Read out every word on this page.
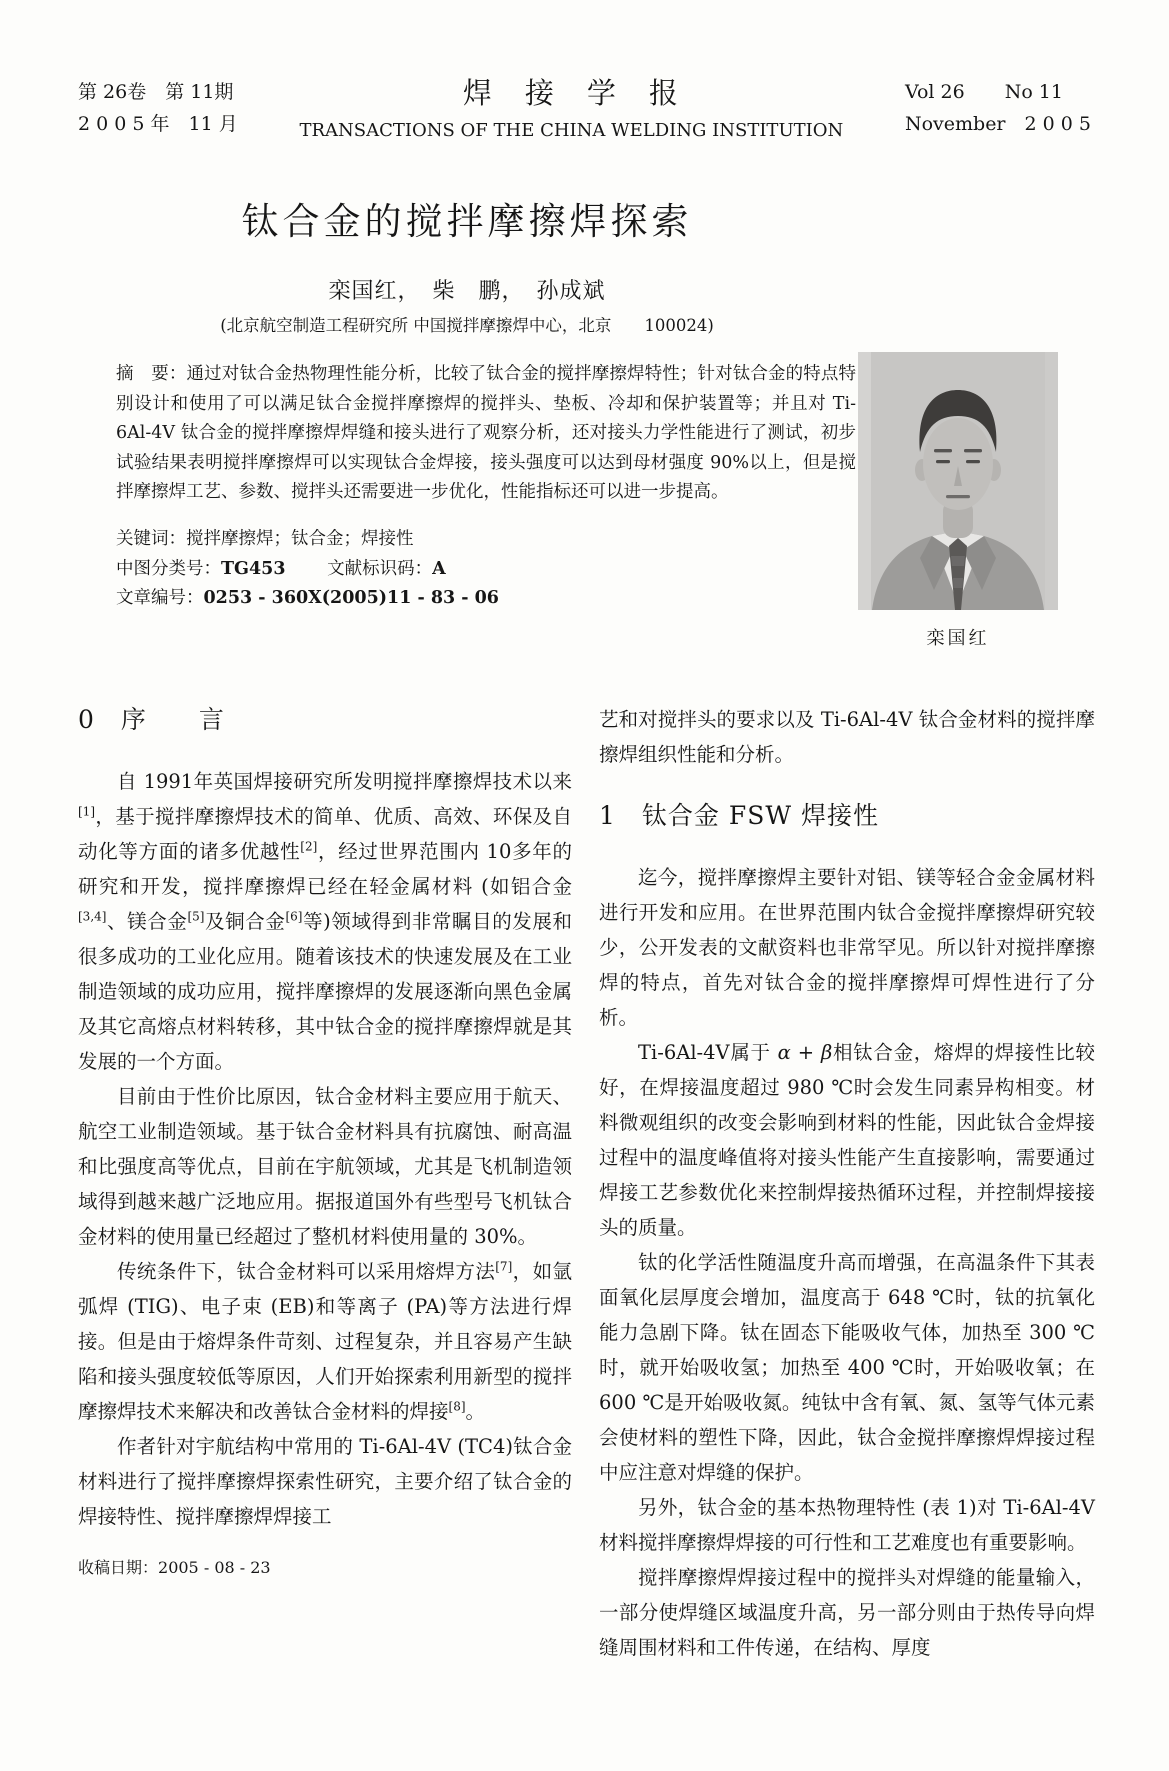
第 26卷　第 11期
2 0 0 5 年　11 月
焊　接　学　报
TRANSACTIONS OF THE CHINA WELDING INSTITUTION
Vol 26 No 11
November　2 0 0 5
钛合金的搅拌摩擦焊探索
栾国红，　柴　鹏，　孙成斌
(北京航空制造工程研究所 中国搅拌摩擦焊中心，北京　　100024)

摘　要：通过对钛合金热物理性能分析，比较了钛合金的搅拌摩擦焊特性；针对钛合金的特点特别设计和使用了可以满足钛合金搅拌摩擦焊的搅拌头、垫板、冷却和保护装置等；并且对 Ti-6Al-4V 钛合金的搅拌摩擦焊焊缝和接头进行了观察分析，还对接头力学性能进行了测试，初步试验结果表明搅拌摩擦焊可以实现钛合金焊接，接头强度可以达到母材强度 90%以上，但是搅拌摩擦焊工艺、参数、搅拌头还需要进一步优化，性能指标还可以进一步提高。

关键词：搅拌摩擦焊；钛合金；焊接性
中图分类号：TG453 文献标识码：A 文章编号：0253 - 360X(2005)11 - 83 - 06
栾国红
0 序　　言

自 1991年英国焊接研究所发明搅拌摩擦焊技术以来[1]，基于搅拌摩擦焊技术的简单、优质、高效、环保及自动化等方面的诸多优越性[2]，经过世界范围内 10多年的研究和开发，搅拌摩擦焊已经在轻金属材料 (如铝合金[3,4]、镁合金[5]及铜合金[6]等)领域得到非常瞩目的发展和很多成功的工业化应用。随着该技术的快速发展及在工业制造领域的成功应用，搅拌摩擦焊的发展逐渐向黑色金属及其它高熔点材料转移，其中钛合金的搅拌摩擦焊就是其发展的一个方面。

目前由于性价比原因，钛合金材料主要应用于航天、航空工业制造领域。基于钛合金材料具有抗腐蚀、耐高温和比强度高等优点，目前在宇航领域，尤其是飞机制造领域得到越来越广泛地应用。据报道国外有些型号飞机钛合金材料的使用量已经超过了整机材料使用量的 30%。

传统条件下，钛合金材料可以采用熔焊方法[7]，如氩弧焊 (TIG)、电子束 (EB)和等离子 (PA)等方法进行焊接。但是由于熔焊条件苛刻、过程复杂，并且容易产生缺陷和接头强度较低等原因，人们开始探索利用新型的搅拌摩擦焊技术来解决和改善钛合金材料的焊接[8]。

作者针对宇航结构中常用的 Ti-6Al-4V (TC4)钛合金材料进行了搅拌摩擦焊探索性研究，主要介绍了钛合金的焊接特性、搅拌摩擦焊焊接工

收稿日期：2005 - 08 - 23

艺和对搅拌头的要求以及 Ti-6Al-4V 钛合金材料的搅拌摩擦焊组织性能和分析。

1 钛合金 FSW 焊接性

迄今，搅拌摩擦焊主要针对铝、镁等轻合金金属材料进行开发和应用。在世界范围内钛合金搅拌摩擦焊研究较少，公开发表的文献资料也非常罕见。所以针对搅拌摩擦焊的特点，首先对钛合金的搅拌摩擦焊可焊性进行了分析。

Ti-6Al-4V属于 α + β相钛合金，熔焊的焊接性比较好，在焊接温度超过 980 ℃时会发生同素异构相变。材料微观组织的改变会影响到材料的性能，因此钛合金焊接过程中的温度峰值将对接头性能产生直接影响，需要通过焊接工艺参数优化来控制焊接热循环过程，并控制焊接接头的质量。

钛的化学活性随温度升高而增强，在高温条件下其表面氧化层厚度会增加，温度高于 648 ℃时，钛的抗氧化能力急剧下降。钛在固态下能吸收气体，加热至 300 ℃时，就开始吸收氢；加热至 400 ℃时，开始吸收氧；在 600 ℃是开始吸收氮。纯钛中含有氧、氮、氢等气体元素会使材料的塑性下降，因此，钛合金搅拌摩擦焊焊接过程中应注意对焊缝的保护。

另外，钛合金的基本热物理特性 (表 1)对 Ti-6Al-4V材料搅拌摩擦焊焊接的可行性和工艺难度也有重要影响。

搅拌摩擦焊焊接过程中的搅拌头对焊缝的能量输入，一部分使焊缝区域温度升高，另一部分则由于热传导向焊缝周围材料和工件传递，在结构、厚度
